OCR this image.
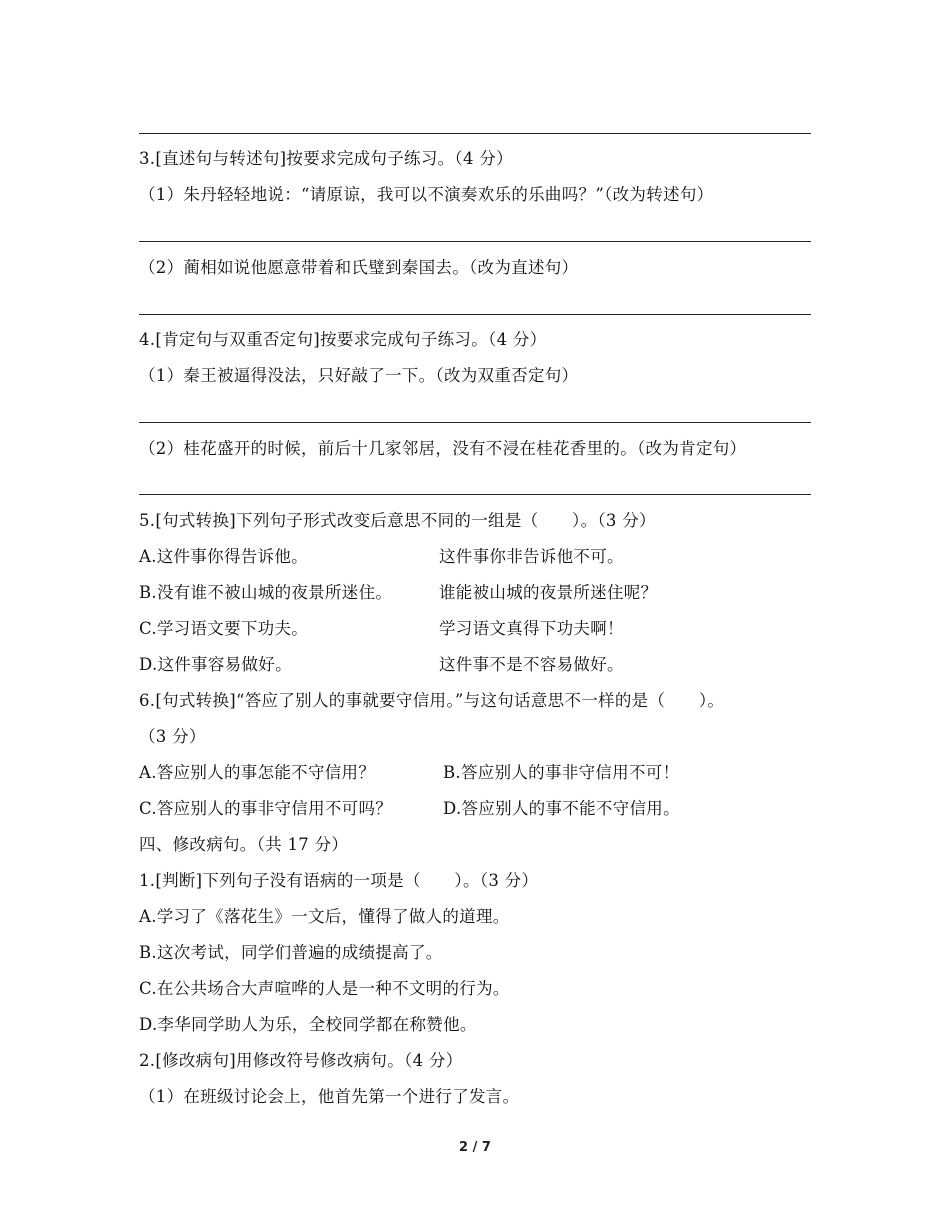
3.[直述句与转述句]按要求完成句子练习。（4 分）
（1）朱丹轻轻地说：“请原谅，我可以不演奏欢乐的乐曲吗？”（改为转述句）
（2）蔺相如说他愿意带着和氏璧到秦国去。（改为直述句）
4.[肯定句与双重否定句]按要求完成句子练习。（4 分）
（1）秦王被逼得没法，只好敲了一下。（改为双重否定句）
（2）桂花盛开的时候，前后十几家邻居，没有不浸在桂花香里的。（改为肯定句）
5.[句式转换]下列句子形式改变后意思不同的一组是（　　）。（3 分）
A.这件事你得告诉他。	这件事你非告诉他不可。
B.没有谁不被山城的夜景所迷住。	谁能被山城的夜景所迷住呢？
C.学习语文要下功夫。	学习语文真得下功夫啊！
D.这件事容易做好。	这件事不是不容易做好。
6.[句式转换]“答应了别人的事就要守信用。”与这句话意思不一样的是（　　）。
（3 分）
A.答应别人的事怎能不守信用？	B.答应别人的事非守信用不可！
C.答应别人的事非守信用不可吗？	D.答应别人的事不能不守信用。
四、修改病句。（共 17 分）
1.[判断]下列句子没有语病的一项是（　　）。（3 分）
A.学习了《落花生》一文后，懂得了做人的道理。
B.这次考试，同学们普遍的成绩提高了。
C.在公共场合大声喧哗的人是一种不文明的行为。
D.李华同学助人为乐，全校同学都在称赞他。
2.[修改病句]用修改符号修改病句。（4 分）
（1）在班级讨论会上，他首先第一个进行了发言。
2 / 7
